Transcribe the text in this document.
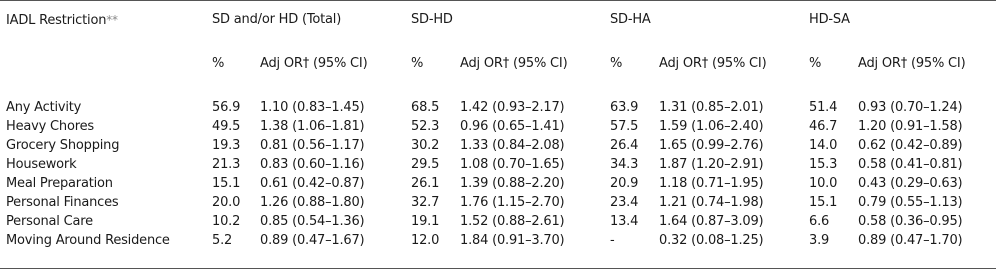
IADL Restriction**	SD and/or HD (Total)	SD-HD	SD-HA	HD-SA
%	Adj OR† (95% CI)	%	Adj OR† (95% CI)	%	Adj OR† (95% CI)	%	Adj OR† (95% CI)
Any Activity	56.9 1.10 (0.83–1.45)	68.5 1.42 (0.93–2.17)	63.9 1.31 (0.85–2.01)	51.4 0.93 (0.70–1.24)
Heavy Chores	49.5 1.38 (1.06–1.81)	52.3 0.96 (0.65–1.41)	57.5 1.59 (1.06–2.40)	46.7 1.20 (0.91–1.58)
Grocery Shopping	19.3 0.81 (0.56–1.17)	30.2 1.33 (0.84–2.08)	26.4 1.65 (0.99–2.76)	14.0 0.62 (0.42–0.89)
Housework	21.3 0.83 (0.60–1.16)	29.5 1.08 (0.70–1.65)	34.3 1.87 (1.20–2.91)	15.3 0.58 (0.41–0.81)
Meal Preparation	15.1 0.61 (0.42–0.87)	26.1 1.39 (0.88–2.20)	20.9 1.18 (0.71–1.95)	10.0 0.43 (0.29–0.63)
Personal Finances	20.0 1.26 (0.88–1.80)	32.7 1.76 (1.15–2.70)	23.4 1.21 (0.74–1.98)	15.1 0.79 (0.55–1.13)
Personal Care	10.2 0.85 (0.54–1.36)	19.1 1.52 (0.88–2.61)	13.4 1.64 (0.87–3.09)	6.6 0.58 (0.36–0.95)
Moving Around Residence	5.2 0.89 (0.47–1.67)	12.0 1.84 (0.91–3.70)	-	0.32 (0.08–1.25)	3.9 0.89 (0.47–1.70)
